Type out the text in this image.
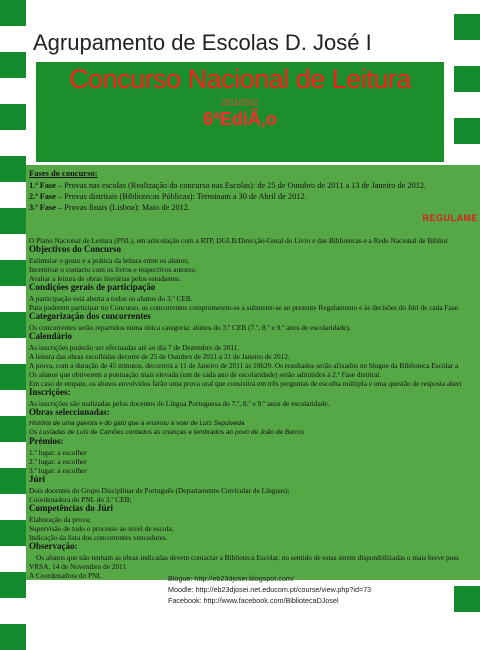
Agrupamento de Escolas D. José I
Concurso Nacional de Leitura
2011/2012
6ªEdiÃ‚o
Fases do concurso:
1.ª Fase – Provas nas escolas (Realização do concurso nas Escolas): de 25 de Outubro de 2011 a 13 de Janeiro de 2012.
2.ª Fase – Provas distritais (Bibliotecas Públicas): Terminam a 30 de Abril de 2012.
3.ª Fase – Provas finais (Lisboa): Maio de 2012.
REGULAME
O Plano Nacional de Leitura (PNL), em articulação com a RTP, DGLB/Direcção-Geral do Livro e das Bibliotecas e a Rede Nacional de Bibliot
Objectivos do Concurso
Estimular o gosto e a prática da leitura entre os alunos;
Incentivar o contacto com os livros e respectivos autores;
Avaliar a leitura de obras literárias pelos estudantes.
Condições gerais de participação
A participação está aberta a todos os alunos do 3.º CEB.
Para poderem participar no Concurso, os concorrentes comprometem-se a submeter-se ao presente Regulamento e às decisões do Júri de cada Fase.
Categorização dos concorrentes
Os concorrentes serão repartidos numa única categoria: alunos do 3.º CEB (7.º, 8.º e 9.º anos de escolaridade).
Calendário
As inscrições poderão ser efectuadas até ao dia 7 de Dezembro de 2011.
A leitura das obras escolhidas decorre de 25 de Outubro de 2011 a 31 de Janeiro de 2012.
A prova, com a duração de 45 minutos, decorrerá a 11 de Janeiro de 2011 às 10h20. Os resultados serão afixados no blogue da Biblioteca Escolar a
Os alunos que obtiverem a pontuação mais elevada (um de cada ano de escolaridade) serão admitidos à 2.ª Fase distrital.
Em caso de empate, os alunos envolvidos farão uma prova oral que consistirá em três perguntas de escolha múltipla e uma questão de resposta abert
Inscrições:
As inscrições são realizadas pelos docentes de Língua Portuguesa do 7.º, 8.º e 9.º anos de escolaridade.
Obras seleccionadas:
História de uma gaivota e do gato que a ensinou a voar de Luís Sepúlveda
Os Lusíadas de Luís de Camões contados às crianças e lembrados ao povo de João de Barros
Prémios:
1.º lugar: a escolher
2.º lugar: a escolher
3.º lugar: a escolher
Júri
Dois docentes do Grupo Disciplinar de Português (Departamento Curricular de Línguas);
Coordenadora do PNL do 3.º CEB;
Competências do Júri
Elaboração da prova;
Supervisão de todo o processo ao nível de escola;
Indicação da lista dos concorrentes vencedores.
Observação:
Os alunos que não tenham as obras indicadas devem contactar a Biblioteca Escolar, no sentido de estas serem disponibilizadas o mais breve poss
VRSA, 14 de Novembro de 2011
A Coordenadora do PNL	Blogue: http://eb23djosei.blogspot.com/
Moodle: http://eb23djosei.net.educom.pt/course/view.php?id=73
Facebook: http://www.facebook.com/BibliotecaDJosel
